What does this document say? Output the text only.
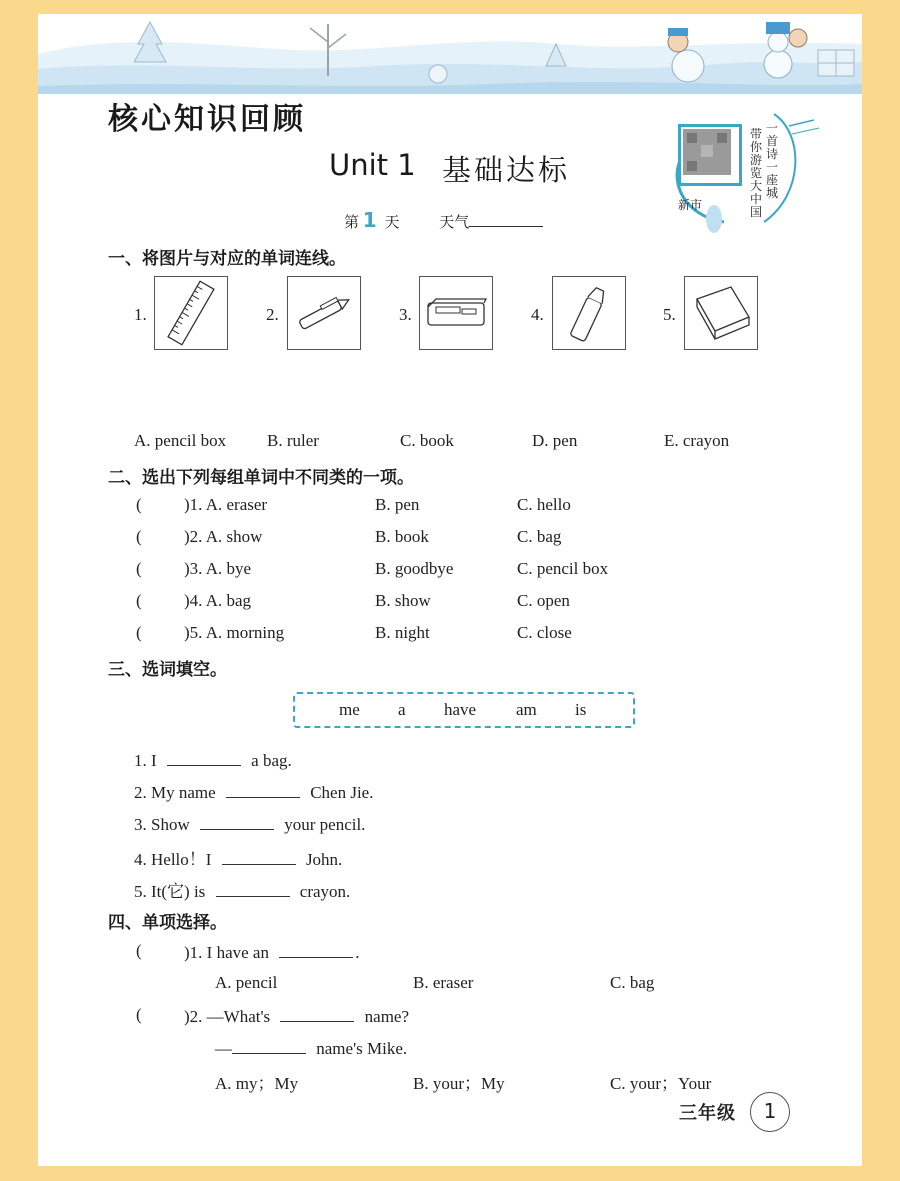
核心知识回顾
Unit 1 基础达标
新市
带你游览大中国
一首诗一座城
第 1 天	天气
一、将图片与对应的单词连线。
1.	2.	3.	4.	5.
A. pencil box B. ruler	C. book	D. pen	E. crayon
二、选出下列每组单词中不同类的一项。
( )1. A. eraser	B. pen	C. hello
( )2. A. show	B. book	C. bag
( )3. A. bye	B. goodbye	C. pencil box
( )4. A. bag	B. show	C. open
( )5. A. morning	B. night	C. close
三、选词填空。
me a have am is
1. I	a bag.
2. My name	Chen Jie.
3. Show	your pencil.
4. Hello！I	John.
5. It(它) is	crayon.
四、单项选择。
( )1. I have an	.
A. pencil	B. eraser	C. bag
( )2. —What's	name?
—	name's Mike.
A. my；My	B. your；My	C. your；Your
三年级	1
